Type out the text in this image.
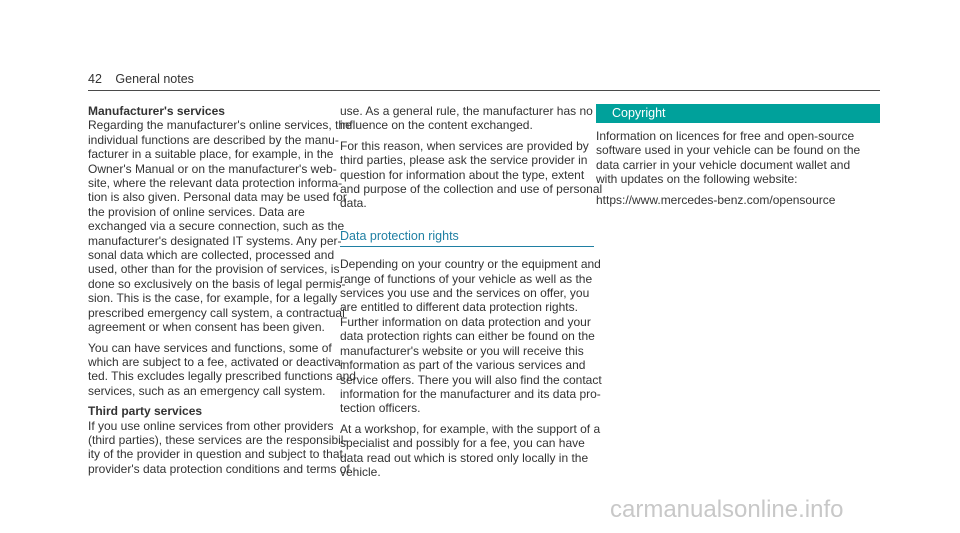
42 General notes
Manufacturer's services

Regarding the manufacturer's online services, the
individual functions are described by the manu-
facturer in a suitable place, for example, in the
Owner's Manual or on the manufacturer's web-
site, where the relevant data protection informa-
tion is also given. Personal data may be used for
the provision of online services. Data are
exchanged via a secure connection, such as the
manufacturer's designated IT systems. Any per-
sonal data which are collected, processed and
used, other than for the provision of services, is
done so exclusively on the basis of legal permis-
sion. This is the case, for example, for a legally
prescribed emergency call system, a contractual
agreement or when consent has been given.

You can have services and functions, some of
which are subject to a fee, activated or deactiva-
ted. This excludes legally prescribed functions and
services, such as an emergency call system.

Third party services

If you use online services from other providers
(third parties), these services are the responsibil-
ity of the provider in question and subject to that
provider's data protection conditions and terms of

use. As a general rule, the manufacturer has no
influence on the content exchanged.

For this reason, when services are provided by
third parties, please ask the service provider in
question for information about the type, extent
and purpose of the collection and use of personal
data.

Data protection rights

Depending on your country or the equipment and
range of functions of your vehicle as well as the
services you use and the services on offer, you
are entitled to different data protection rights.
Further information on data protection and your
data protection rights can either be found on the
manufacturer's website or you will receive this
information as part of the various services and
service offers. There you will also find the contact
information for the manufacturer and its data pro-
tection officers.

At a workshop, for example, with the support of a
specialist and possibly for a fee, you can have
data read out which is stored only locally in the
vehicle.

Copyright

Information on licences for free and open-source
software used in your vehicle can be found on the
data carrier in your vehicle document wallet and
with updates on the following website:

https://www.mercedes-benz.com/opensource

carmanualsonline.info
